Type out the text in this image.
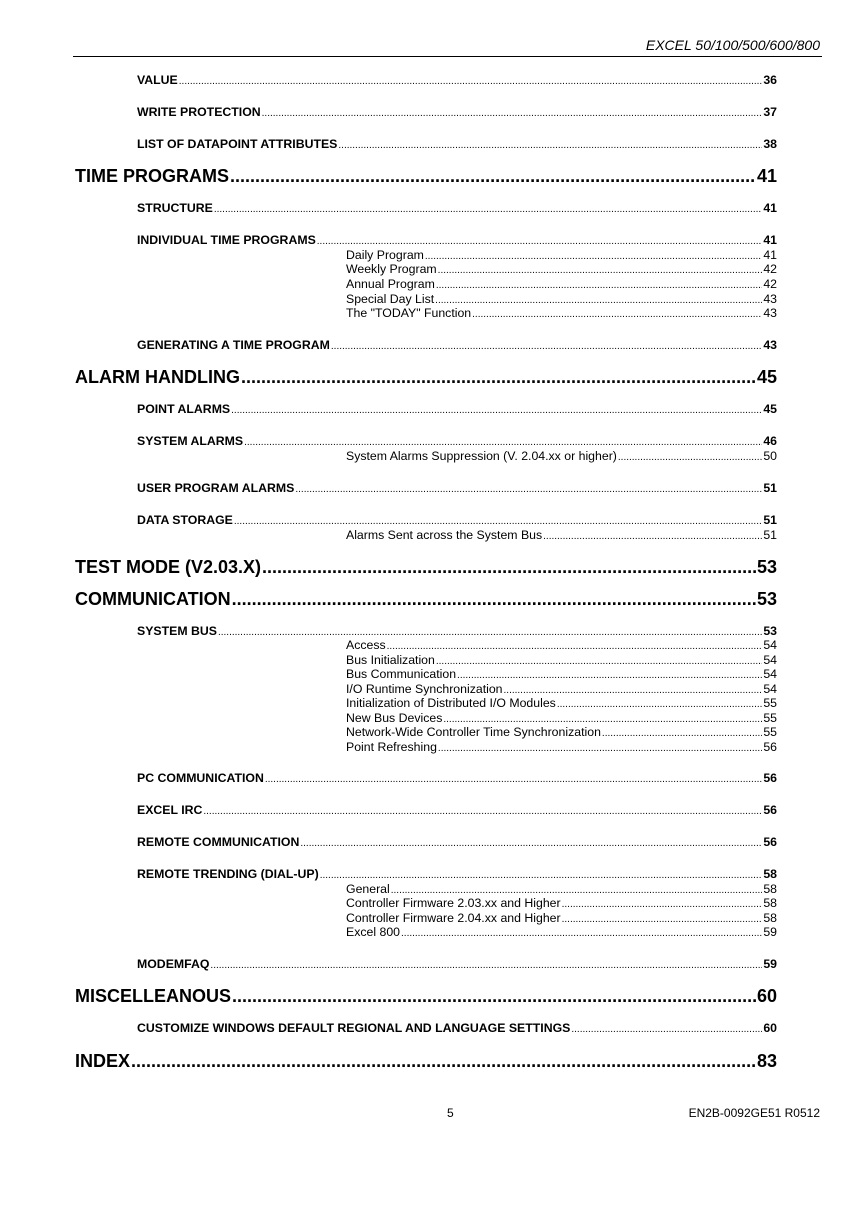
EXCEL 50/100/500/600/800
VALUE .....	36
WRITE PROTECTION .....	37
LIST OF DATAPOINT ATTRIBUTES .....	38
TIME PROGRAMS .....	41
STRUCTURE .....	41
INDIVIDUAL TIME PROGRAMS .....	41
Daily Program .....	41
Weekly Program .....	42
Annual Program .....	42
Special Day List .....	43
The "TODAY" Function .....	43
GENERATING A TIME PROGRAM .....	43
ALARM HANDLING .....	45
POINT ALARMS .....	45
SYSTEM ALARMS .....	46
System Alarms Suppression (V. 2.04.xx or higher) .....	50
USER PROGRAM ALARMS .....	51
DATA STORAGE .....	51
Alarms Sent across the System Bus .....	51
TEST MODE (V2.03.X) .....	53
COMMUNICATION .....	53
SYSTEM BUS .....	53
Access .....	54
Bus Initialization .....	54
Bus Communication .....	54
I/O Runtime Synchronization .....	54
Initialization of Distributed I/O Modules .....	55
New Bus Devices .....	55
Network-Wide Controller Time Synchronization .....	55
Point Refreshing .....	56
PC COMMUNICATION .....	56
EXCEL IRC .....	56
REMOTE COMMUNICATION .....	56
REMOTE TRENDING (DIAL-UP) .....	58
General .....	58
Controller Firmware 2.03.xx and Higher .....	58
Controller Firmware 2.04.xx and Higher .....	58
Excel 800 .....	59
MODEMFAQ .....	59
MISCELLEANOUS .....	60
CUSTOMIZE WINDOWS DEFAULT REGIONAL AND LANGUAGE SETTINGS .....	60
INDEX .....	83
5	EN2B-0092GE51 R0512
